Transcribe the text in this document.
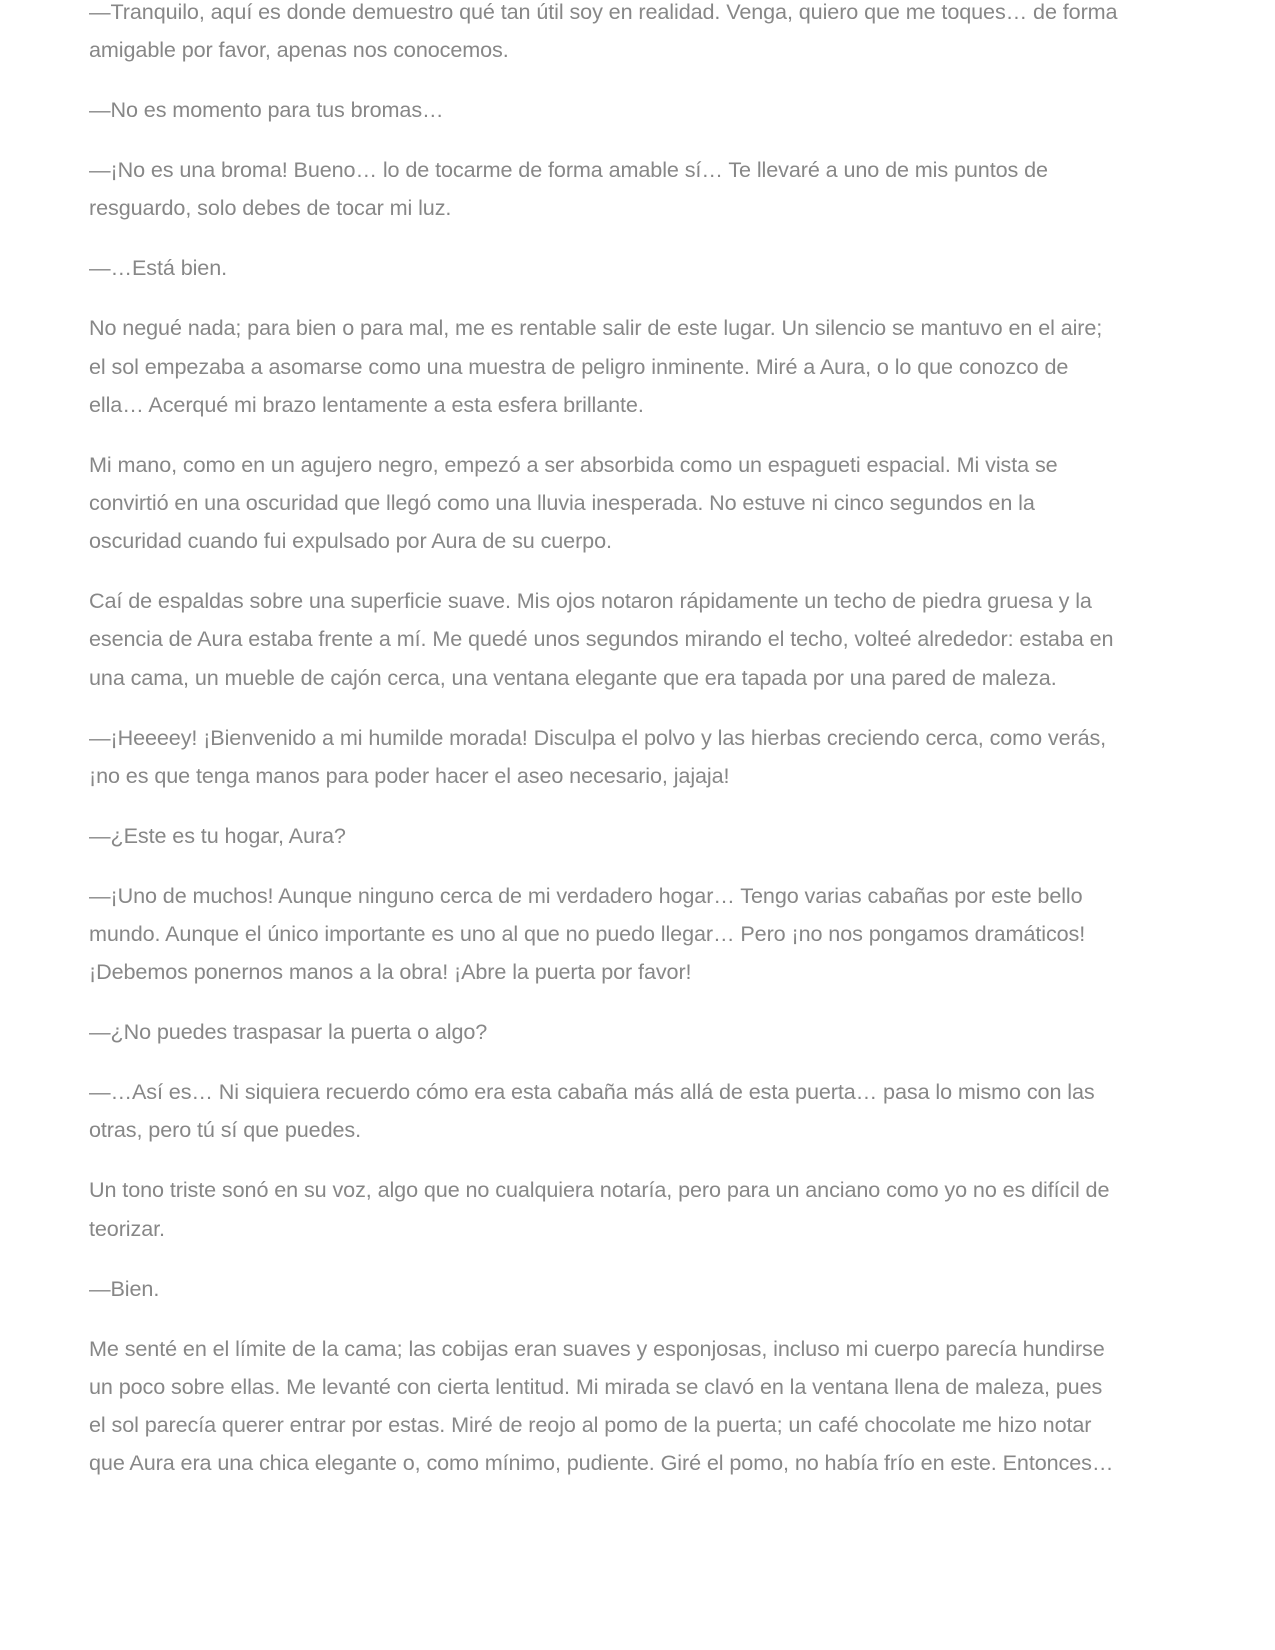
—Tranquilo, aquí es donde demuestro qué tan útil soy en realidad. Venga, quiero que me toques… de forma amigable por favor, apenas nos conocemos.

—No es momento para tus bromas…

—¡No es una broma! Bueno… lo de tocarme de forma amable sí… Te llevaré a uno de mis puntos de resguardo, solo debes de tocar mi luz.

—…Está bien.

No negué nada; para bien o para mal, me es rentable salir de este lugar. Un silencio se mantuvo en el aire; el sol empezaba a asomarse como una muestra de peligro inminente. Miré a Aura, o lo que conozco de ella… Acerqué mi brazo lentamente a esta esfera brillante.

Mi mano, como en un agujero negro, empezó a ser absorbida como un espagueti espacial. Mi vista se convirtió en una oscuridad que llegó como una lluvia inesperada. No estuve ni cinco segundos en la oscuridad cuando fui expulsado por Aura de su cuerpo.

Caí de espaldas sobre una superficie suave. Mis ojos notaron rápidamente un techo de piedra gruesa y la esencia de Aura estaba frente a mí. Me quedé unos segundos mirando el techo, volteé alrededor: estaba en una cama, un mueble de cajón cerca, una ventana elegante que era tapada por una pared de maleza.

—¡Heeeey! ¡Bienvenido a mi humilde morada! Disculpa el polvo y las hierbas creciendo cerca, como verás, ¡no es que tenga manos para poder hacer el aseo necesario, jajaja!

—¿Este es tu hogar, Aura?

—¡Uno de muchos! Aunque ninguno cerca de mi verdadero hogar… Tengo varias cabañas por este bello mundo. Aunque el único importante es uno al que no puedo llegar… Pero ¡no nos pongamos dramáticos! ¡Debemos ponernos manos a la obra! ¡Abre la puerta por favor!

—¿No puedes traspasar la puerta o algo?

—…Así es… Ni siquiera recuerdo cómo era esta cabaña más allá de esta puerta… pasa lo mismo con las otras, pero tú sí que puedes.

Un tono triste sonó en su voz, algo que no cualquiera notaría, pero para un anciano como yo no es difícil de teorizar.

—Bien.

Me senté en el límite de la cama; las cobijas eran suaves y esponjosas, incluso mi cuerpo parecía hundirse un poco sobre ellas. Me levanté con cierta lentitud. Mi mirada se clavó en la ventana llena de maleza, pues el sol parecía querer entrar por estas. Miré de reojo al pomo de la puerta; un café chocolate me hizo notar que Aura era una chica elegante o, como mínimo, pudiente. Giré el pomo, no había frío en este. Entonces…
